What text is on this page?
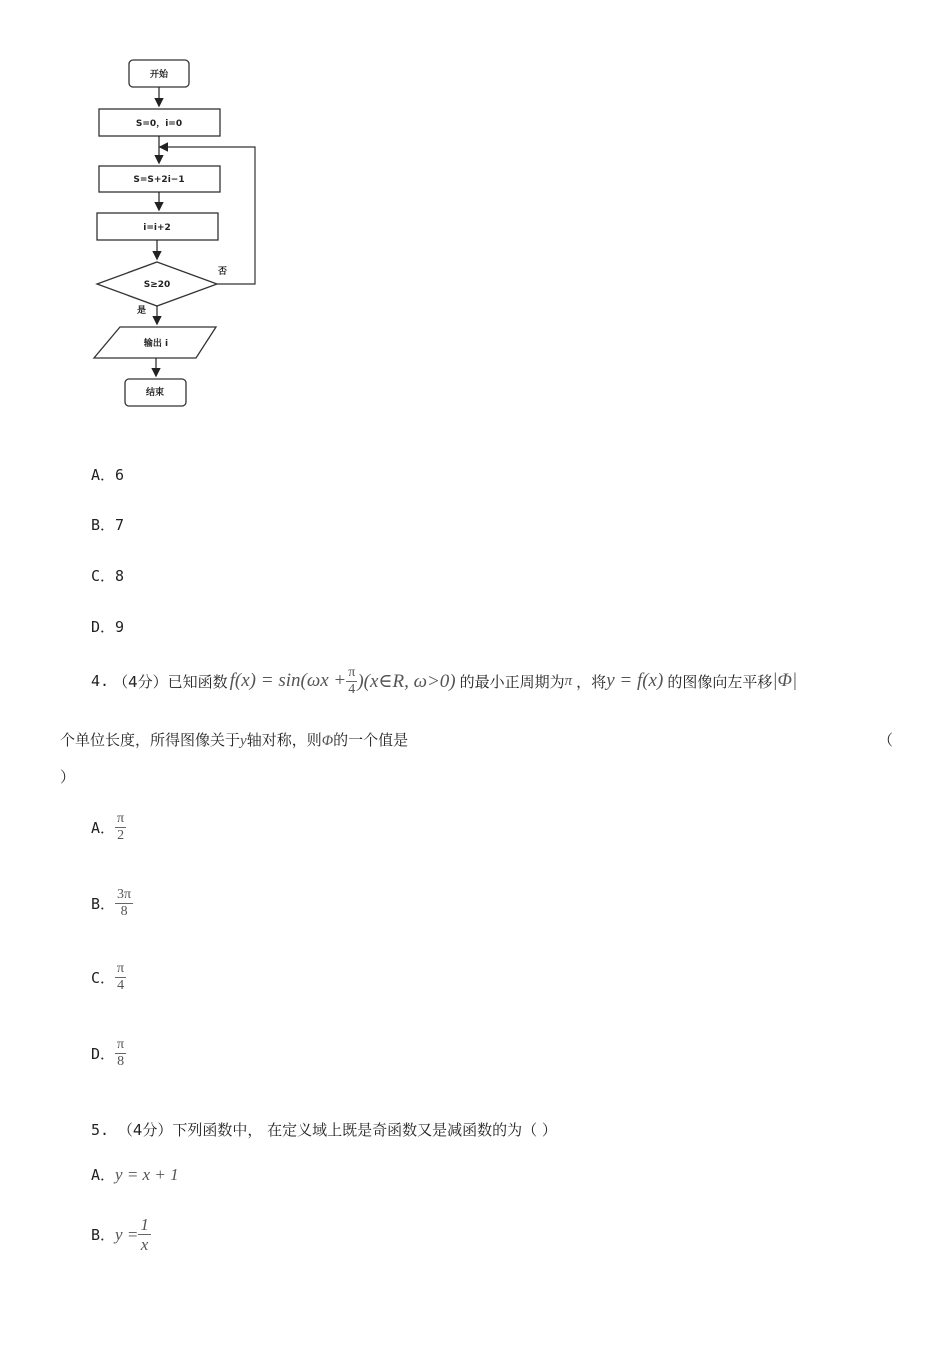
开始
S=0，i=0
S=S+2i−1
i=i+2
S≥20
否
是
输出 i
结束
A．6
B．7
C．8
D．9
4. （4分） 已知函数 $f(x) = \sin(\omega x + \frac{\pi}{4}$ )(x∈R, ω>0) 的最小正周期为 π ，将 y = f(x) 的图像向左平移 |Φ|
个单位长度，所得图像关于y轴对称，则Φ的一个值是	（
）
A． $\frac{\pi}{2}$
B． $\frac{3\pi}{8}$
C． $\frac{\pi}{4}$
D． $\frac{\pi}{8}$
5. （4分）下列函数中， 在定义域上既是奇函数又是减函数的为（ ）
A． y = x + 1
B． $y = \frac{1}{x}$
